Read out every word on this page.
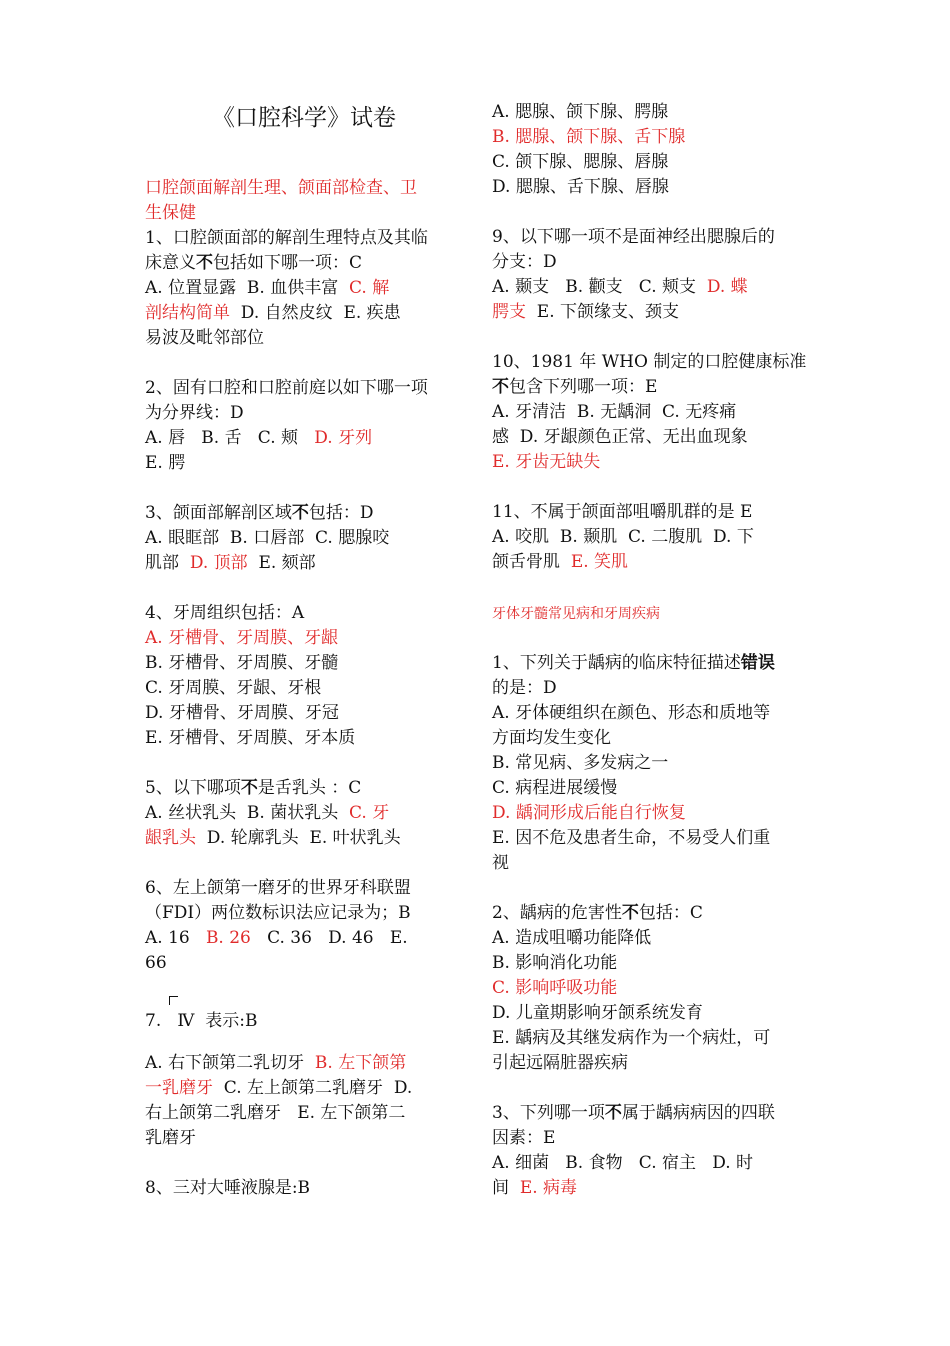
《口腔科学》试卷
口腔颌面解剖生理、颌面部检查、卫
生保健
1、口腔颌面部的解剖生理特点及其临
床意义不包括如下哪一项：C
A. 位置显露  B. 血供丰富  C. 解
剖结构简单  D. 自然皮纹  E. 疾患
易波及毗邻部位
2、固有口腔和口腔前庭以如下哪一项
为分界线：D
A. 唇   B. 舌   C. 颊   D. 牙列
E. 腭
3、颌面部解剖区域不包括：D
A. 眼眶部  B. 口唇部  C. 腮腺咬
肌部  D. 顶部  E. 颏部
4、牙周组织包括：A
A. 牙槽骨、牙周膜、牙龈
B. 牙槽骨、牙周膜、牙髓
C. 牙周膜、牙龈、牙根
D. 牙槽骨、牙周膜、牙冠
E. 牙槽骨、牙周膜、牙本质
5、以下哪项不是舌乳头 ：C
A. 丝状乳头  B. 菌状乳头  C. 牙
龈乳头  D. 轮廓乳头  E. 叶状乳头
6、左上颌第一磨牙的世界牙科联盟
（FDI）两位数标识法应记录为；B
A. 16   B. 26   C. 36   D. 46   E.
66
7.   Ⅳ  表示:B
A. 右下颌第二乳切牙  B. 左下颌第
一乳磨牙  C. 左上颌第二乳磨牙  D.
右上颌第二乳磨牙   E. 左下颌第二
乳磨牙
8、三对大唾液腺是:B
A. 腮腺、颌下腺、腭腺
B. 腮腺、颌下腺、舌下腺
C. 颌下腺、腮腺、唇腺
D. 腮腺、舌下腺、唇腺
9、以下哪一项不是面神经出腮腺后的
分支：D
A. 颞支   B. 颧支   C. 颊支  D. 蝶
腭支  E. 下颌缘支、颈支
10、1981 年 WHO 制定的口腔健康标准
不包含下列哪一项：E
A. 牙清洁  B. 无龋洞  C. 无疼痛
感  D. 牙龈颜色正常、无出血现象
E. 牙齿无缺失
11、不属于颌面部咀嚼肌群的是 E
A. 咬肌  B. 颞肌  C. 二腹肌  D. 下
颌舌骨肌  E. 笑肌
牙体牙髓常见病和牙周疾病
1、下列关于龋病的临床特征描述错误
的是：D
A. 牙体硬组织在颜色、形态和质地等
方面均发生变化
B. 常见病、多发病之一
C. 病程进展缓慢
D. 龋洞形成后能自行恢复
E. 因不危及患者生命，不易受人们重
视
2、龋病的危害性不包括：C
A. 造成咀嚼功能降低
B. 影响消化功能
C. 影响呼吸功能
D. 儿童期影响牙颌系统发育
E. 龋病及其继发病作为一个病灶，可
引起远隔脏器疾病
3、下列哪一项不属于龋病病因的四联
因素：E
A. 细菌   B. 食物   C. 宿主   D. 时
间  E. 病毒
